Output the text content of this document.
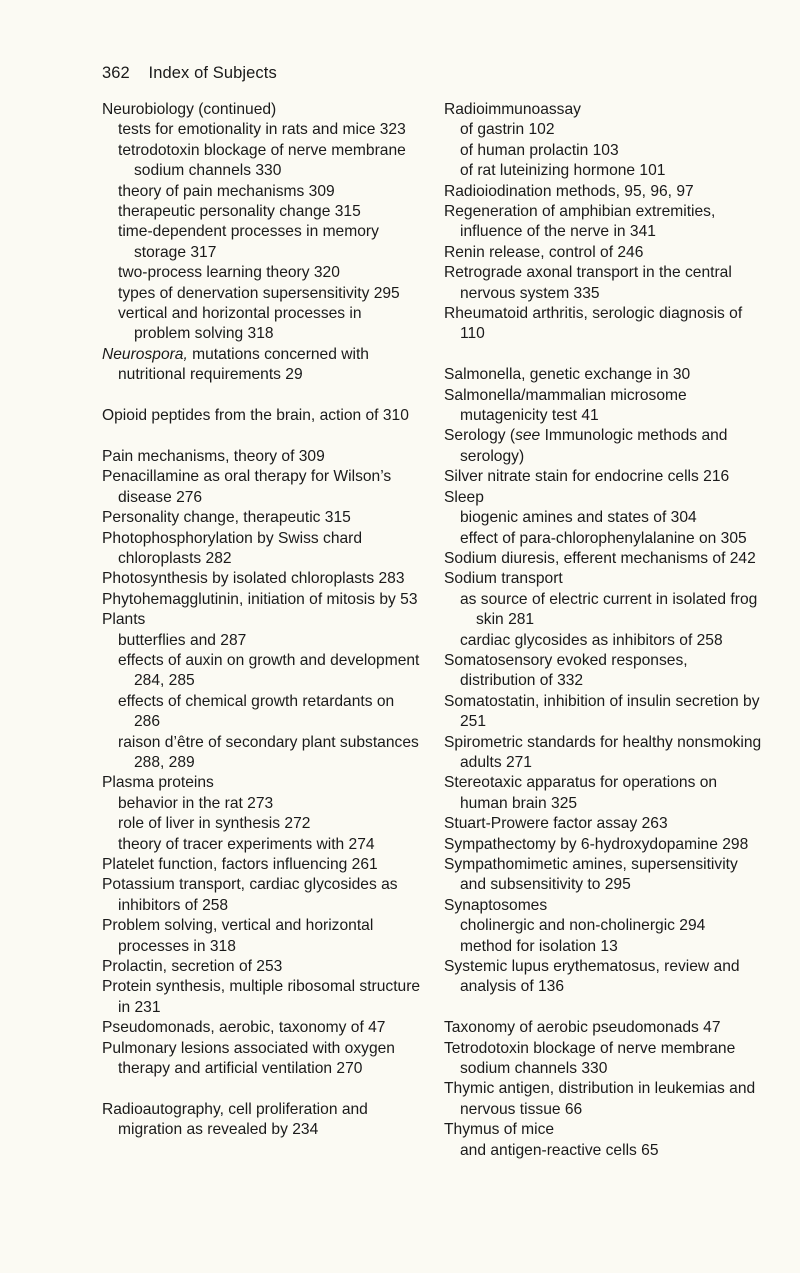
362 Index of Subjects
Neurobiology (continued)
tests for emotionality in rats and mice 323
tetrodotoxin blockage of nerve membrane sodium channels 330
theory of pain mechanisms 309
therapeutic personality change 315
time-dependent processes in memory storage 317
two-process learning theory 320
types of denervation supersensitivity 295
vertical and horizontal processes in problem solving 318
Neurospora, mutations concerned with nutritional requirements 29
Opioid peptides from the brain, action of 310
Pain mechanisms, theory of 309
Penacillamine as oral therapy for Wilson’s disease 276
Personality change, therapeutic 315
Photophosphorylation by Swiss chard chloroplasts 282
Photosynthesis by isolated chloroplasts 283
Phytohemagglutinin, initiation of mitosis by 53
Plants
butterflies and 287
effects of auxin on growth and development 284, 285
effects of chemical growth retardants on 286
raison d’être of secondary plant substances 288, 289
Plasma proteins
behavior in the rat 273
role of liver in synthesis 272
theory of tracer experiments with 274
Platelet function, factors influencing 261
Potassium transport, cardiac glycosides as inhibitors of 258
Problem solving, vertical and horizontal processes in 318
Prolactin, secretion of 253
Protein synthesis, multiple ribosomal structure in 231
Pseudomonads, aerobic, taxonomy of 47
Pulmonary lesions associated with oxygen therapy and artificial ventilation 270
Radioautography, cell proliferation and migration as revealed by 234
Radioimmunoassay
of gastrin 102
of human prolactin 103
of rat luteinizing hormone 101
Radioiodination methods, 95, 96, 97
Regeneration of amphibian extremities, influence of the nerve in 341
Renin release, control of 246
Retrograde axonal transport in the central nervous system 335
Rheumatoid arthritis, serologic diagnosis of 110
Salmonella, genetic exchange in 30
Salmonella/mammalian microsome mutagenicity test 41
Serology (see Immunologic methods and serology)
Silver nitrate stain for endocrine cells 216
Sleep
biogenic amines and states of 304
effect of para-chlorophenylalanine on 305
Sodium diuresis, efferent mechanisms of 242
Sodium transport
as source of electric current in isolated frog skin 281
cardiac glycosides as inhibitors of 258
Somatosensory evoked responses, distribution of 332
Somatostatin, inhibition of insulin secretion by 251
Spirometric standards for healthy nonsmoking adults 271
Stereotaxic apparatus for operations on human brain 325
Stuart-Prowere factor assay 263
Sympathectomy by 6-hydroxydopamine 298
Sympathomimetic amines, supersensitivity and subsensitivity to 295
Synaptosomes
cholinergic and non-cholinergic 294
method for isolation 13
Systemic lupus erythematosus, review and analysis of 136
Taxonomy of aerobic pseudomonads 47
Tetrodotoxin blockage of nerve membrane sodium channels 330
Thymic antigen, distribution in leukemias and nervous tissue 66
Thymus of mice
and antigen-reactive cells 65
